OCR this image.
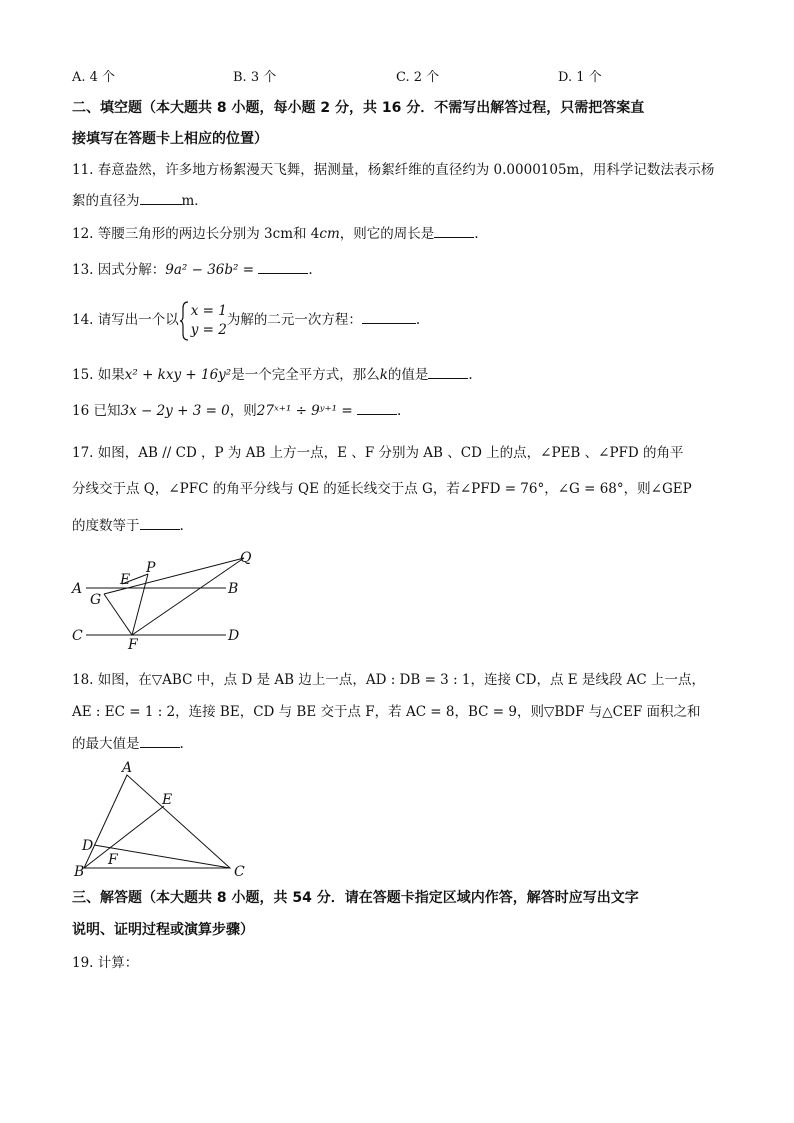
A. 4 个	B. 3 个	C. 2 个	D. 1 个
二、填空题（本大题共 8 小题，每小题 2 分，共 16 分．不需写出解答过程，只需把答案直
接填写在答题卡上相应的位置）
11. 春意盎然，许多地方杨絮漫天飞舞，据测量，杨絮纤维的直径约为 0.0000105m，用科学记数法表示杨
絮的直径为	m．
12. 等腰三角形的两边长分别为 3cm和 4cm，则它的周长是	.
13. 因式分解：9a² − 36b² =	.
14. 请写出一个以
x = 1
y = 2
为解的二元一次方程：	.
15. 如果x² + kxy + 16y²是一个完全平方式，那么k的值是	.
16 已知3x − 2y + 3 = 0，则27ˣ⁺¹ ÷ 9ʸ⁺¹ =	.
17. 如图，AB // CD ，P 为 AB 上方一点，E 、F 分别为 AB 、CD 上的点，∠PEB 、∠PFD 的角平
分线交于点 Q，∠PFC 的角平分线与 QE 的延长线交于点 G，若∠PFD = 76°，∠G = 68°，则∠GEP
的度数等于	.
A	B
C	D
E
F
G
P
Q
18. 如图，在▽ABC 中，点 D 是 AB 边上一点，AD : DB = 3 : 1，连接 CD，点 E 是线段 AC 上一点，
AE : EC = 1 : 2，连接 BE，CD 与 BE 交于点 F，若 AC = 8，BC = 9，则▽BDF 与△CEF 面积之和
的最大值是	.
A
B	C
D
E
F
三、解答题（本大题共 8 小题，共 54 分．请在答题卡指定区域内作答，解答时应写出文字
说明、证明过程或演算步骤）
19. 计算：
